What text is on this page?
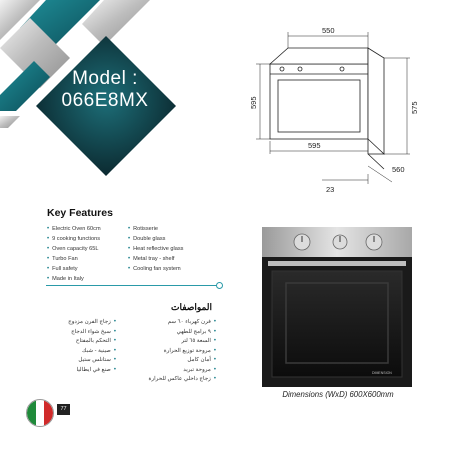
Model :
066E8MX
550
595	575
595
560
23
Key Features
• Electric Oven 60cm
• 9 cooking functions
• Oven capacity 65L
• Turbo Fan
• Full safety
• Made in Italy
• Rotisserie
• Double glass
• Heat reflective glass
• Metal tray - shelf
• Cooling fan system
المواصفات
• فرن كهرباء ٦٠ سم
• ٩ برامج للطهي
• السعة ٦٥ لتر
• مروحة توزيع الحرارة
• أمان كامل
• مروحة تبريد
• زجاج داخلي عاكس للحرارة
• زجاج الفرن مزدوج
• سيخ شواء الدجاج
• التحكم بالمفتاح
• صينية - شبك
• ستانلس ستيل
• صنع في ايطاليا
DIMENSION
Dimensions (WxD) 600X600mm
77
